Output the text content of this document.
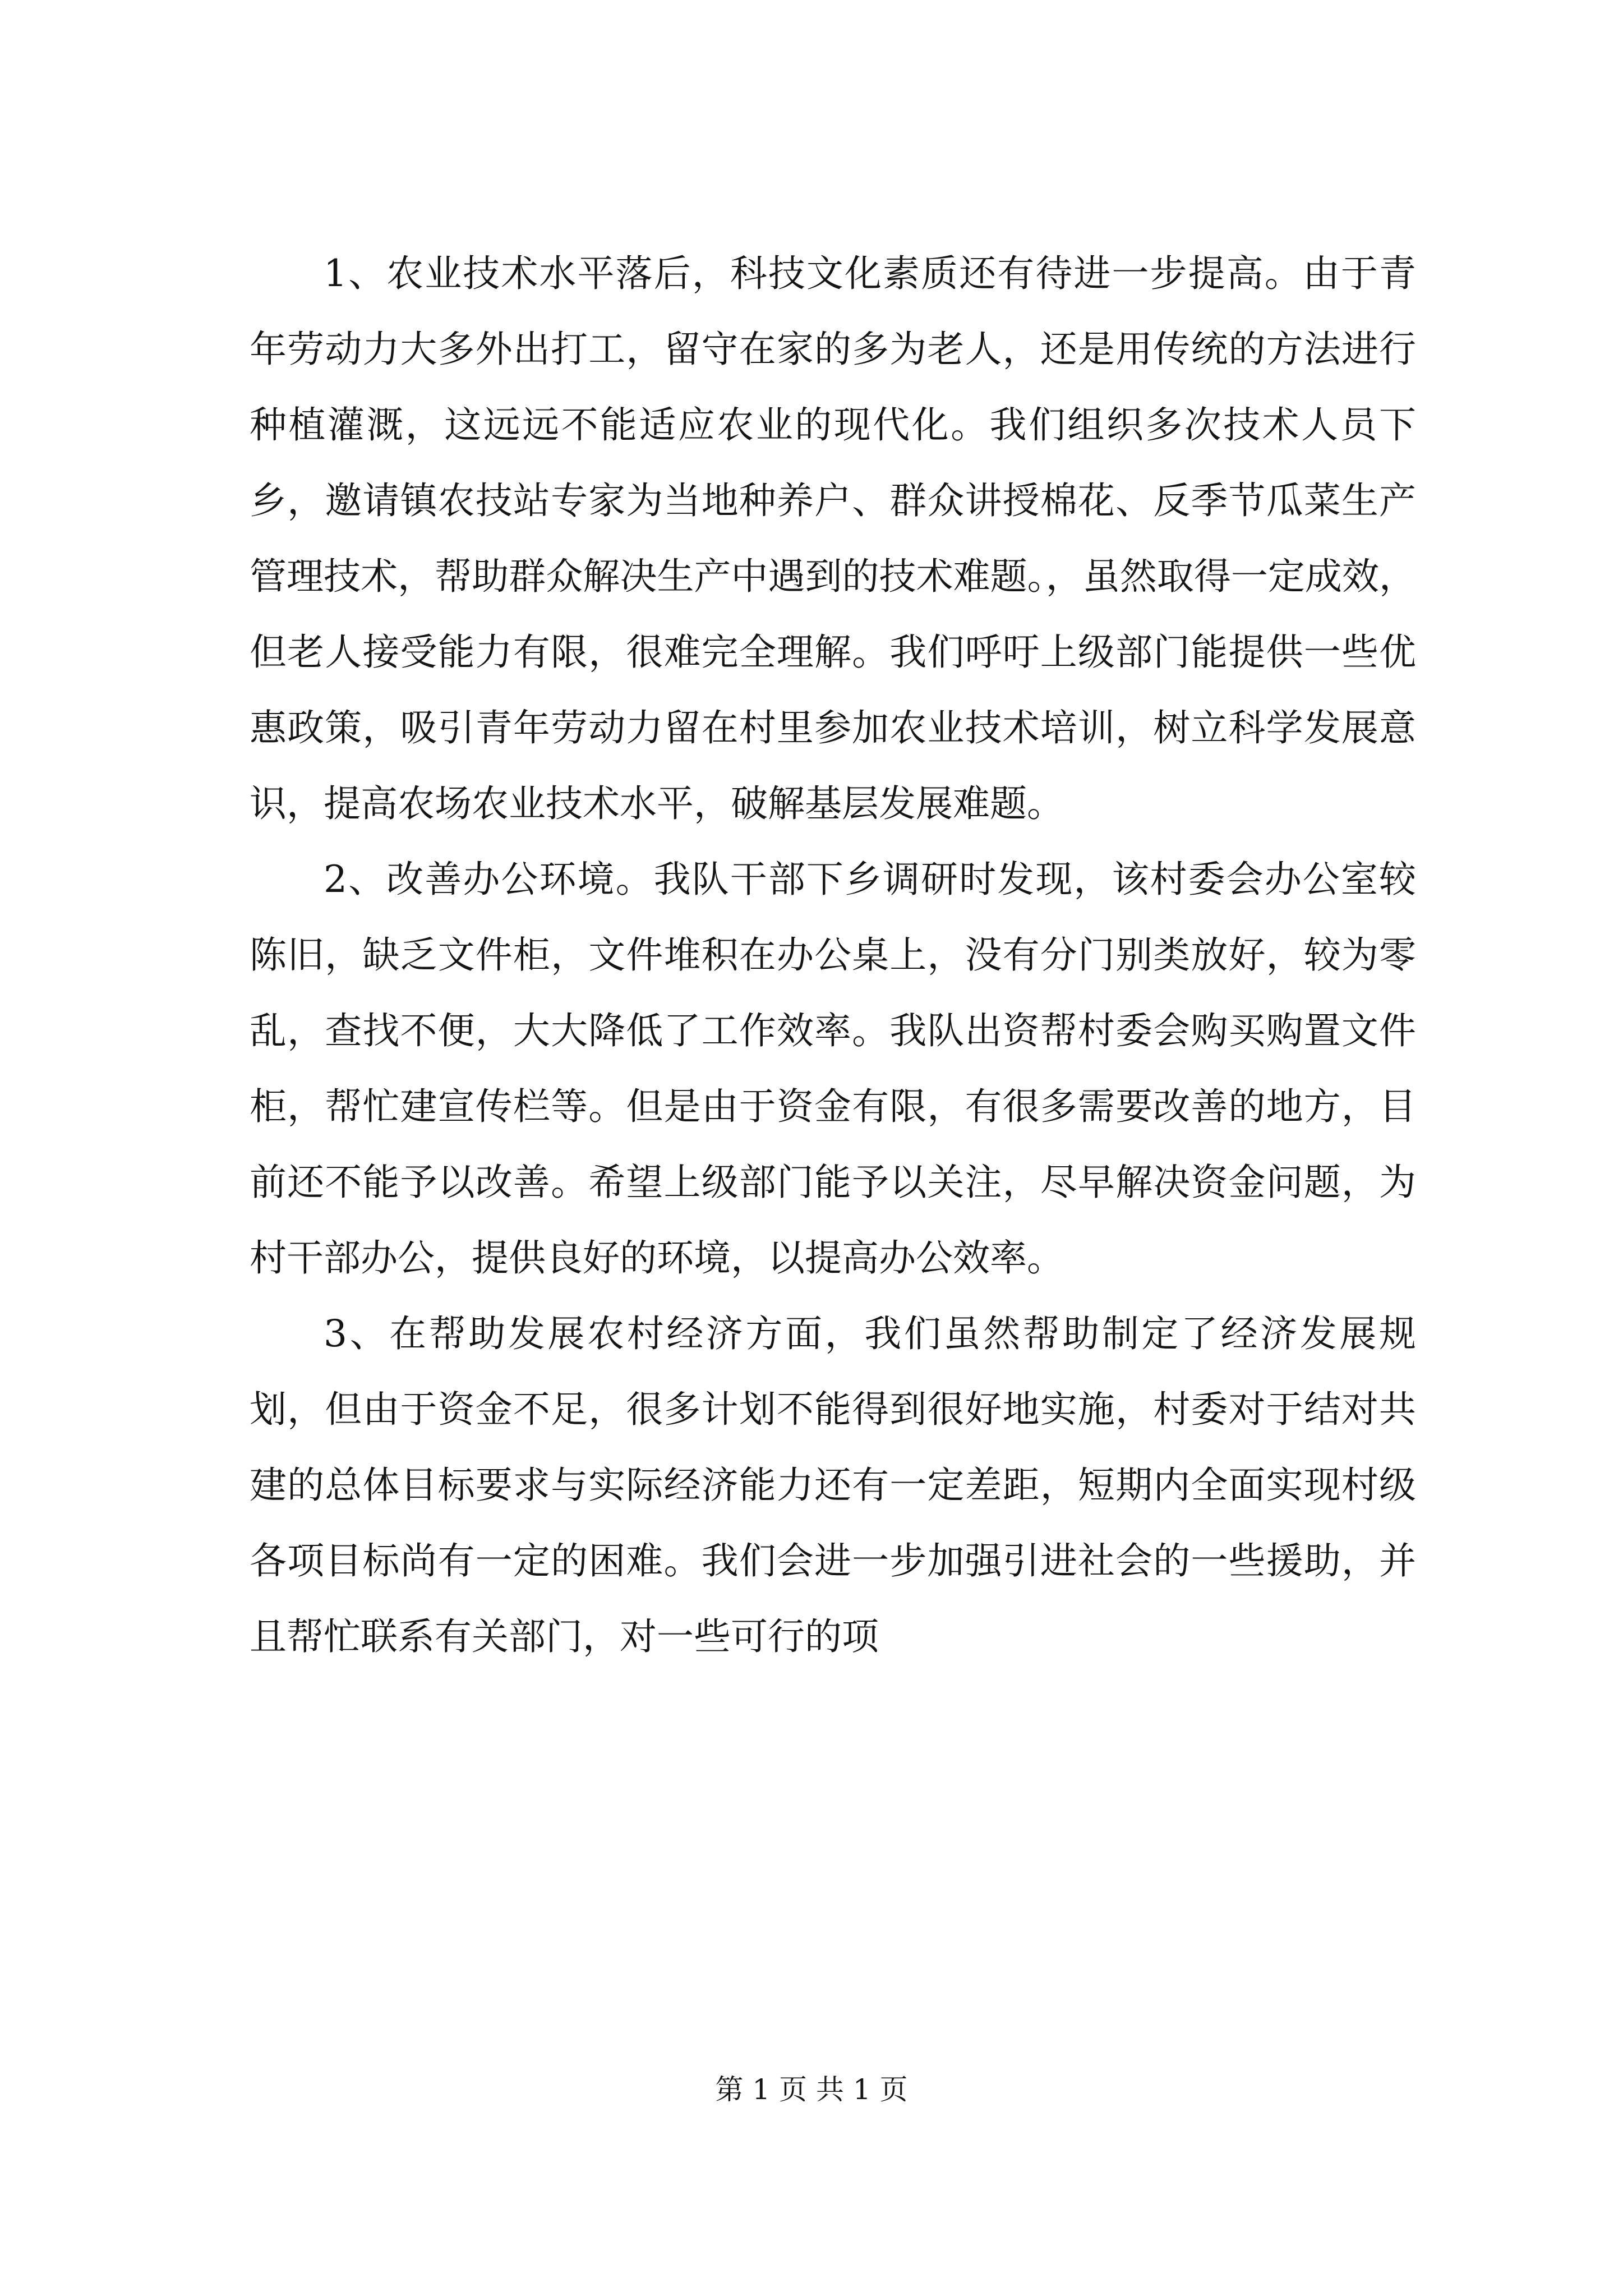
1、农业技术水平落后，科技文化素质还有待进一步提高。由于青年劳动力大多外出打工，留守在家的多为老人，还是用传统的方法进行种植灌溉，这远远不能适应农业的现代化。我们组织多次技术人员下乡，邀请镇农技站专家为当地种养户、群众讲授棉花、反季节瓜菜生产管理技术，帮助群众解决生产中遇到的技术难题。，虽然取得一定成效，但老人接受能力有限，很难完全理解。我们呼吁上级部门能提供一些优惠政策，吸引青年劳动力留在村里参加农业技术培训，树立科学发展意识，提高农场农业技术水平，破解基层发展难题。

2、改善办公环境。我队干部下乡调研时发现，该村委会办公室较陈旧，缺乏文件柜，文件堆积在办公桌上，没有分门别类放好，较为零乱，查找不便，大大降低了工作效率。我队出资帮村委会购买购置文件柜，帮忙建宣传栏等。但是由于资金有限，有很多需要改善的地方，目前还不能予以改善。希望上级部门能予以关注，尽早解决资金问题，为村干部办公，提供良好的环境，以提高办公效率。

3、在帮助发展农村经济方面，我们虽然帮助制定了经济发展规划，但由于资金不足，很多计划不能得到很好地实施，村委对于结对共建的总体目标要求与实际经济能力还有一定差距，短期内全面实现村级各项目标尚有一定的困难。我们会进一步加强引进社会的一些援助，并且帮忙联系有关部门，对一些可行的项

第 1 页 共 1 页
